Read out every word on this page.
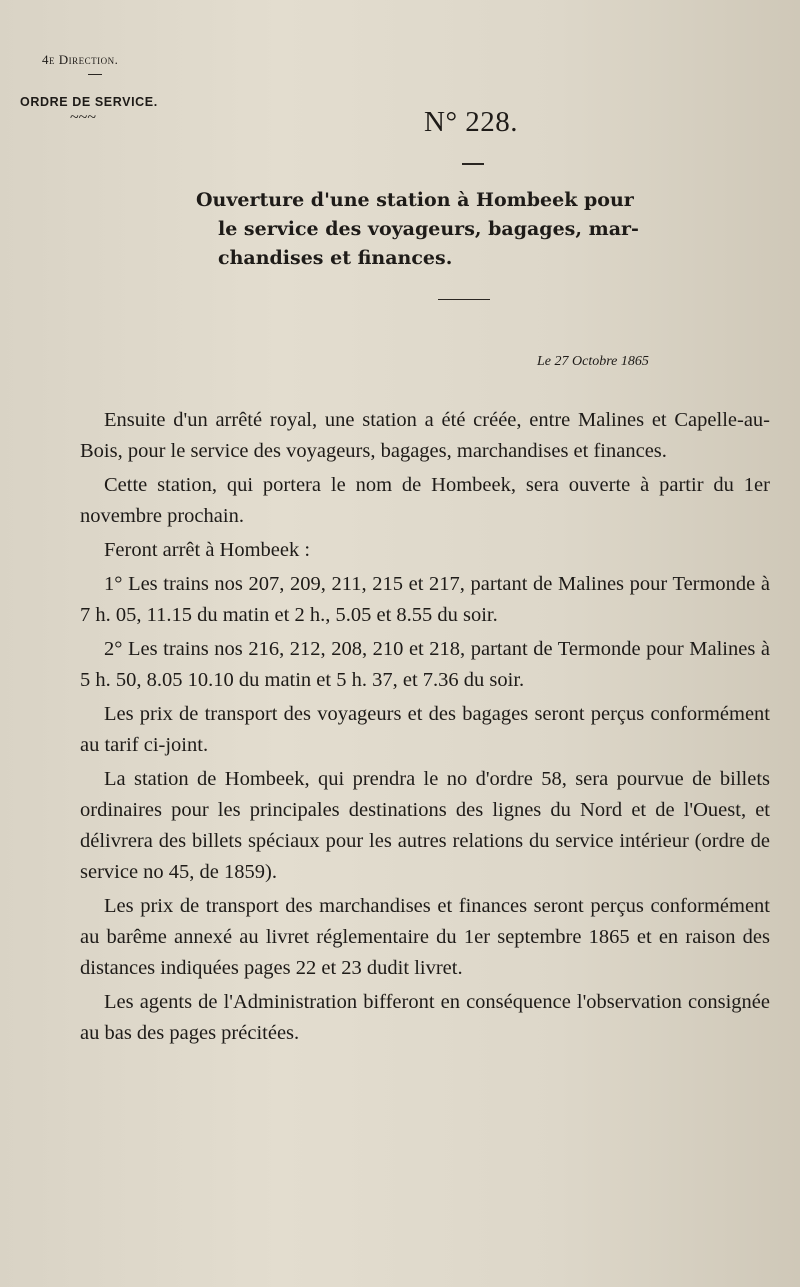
4e Direction.
ORDRE DE SERVICE.
~~~	N° 228.
Ouverture d'une station à Hombeek pour
le service des voyageurs, bagages, mar-
chandises et finances.
Le 27 Octobre 1865

Ensuite d'un arrêté royal, une station a été créée, entre Malines et Capelle-au-Bois, pour le service des voyageurs, bagages, marchandises et finances.

Cette station, qui portera le nom de Hombeek, sera ouverte à partir du 1er novembre prochain.

Feront arrêt à Hombeek :

1° Les trains nos 207, 209, 211, 215 et 217, partant de Malines pour Termonde à 7 h. 05, 11.15 du matin et 2 h., 5.05 et 8.55 du soir.

2° Les trains nos 216, 212, 208, 210 et 218, partant de Termonde pour Malines à 5 h. 50, 8.05 10.10 du matin et 5 h. 37, et 7.36 du soir.

Les prix de transport des voyageurs et des bagages seront perçus conformément au tarif ci-joint.

La station de Hombeek, qui prendra le no d'ordre 58, sera pourvue de billets ordinaires pour les principales destinations des lignes du Nord et de l'Ouest, et délivrera des billets spéciaux pour les autres relations du service intérieur (ordre de service no 45, de 1859).

Les prix de transport des marchandises et finances seront perçus conformément au barême annexé au livret réglementaire du 1er septembre 1865 et en raison des distances indiquées pages 22 et 23 dudit livret.

Les agents de l'Administration bifferont en conséquence l'observation consignée au bas des pages précitées.
